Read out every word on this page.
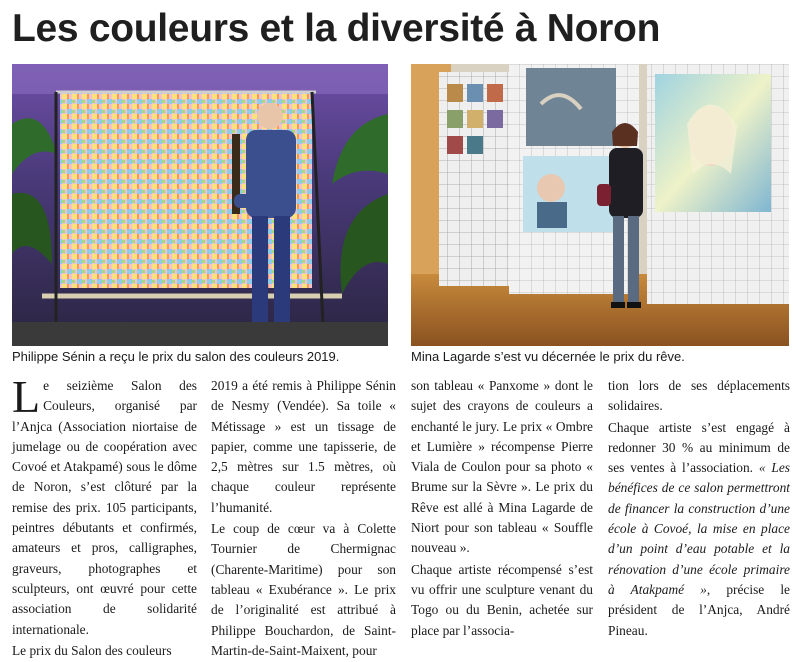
Les couleurs et la diversité à Noron
Philippe Sénin a reçu le prix du salon des couleurs 2019.	Mina Lagarde s’est vu décernée le prix du rêve.

Le seizième Salon des Couleurs, organisé par l’Anjca (Association niortaise de jumelage ou de coopération avec Covoé et Atakpamé) sous le dôme de Noron, s’est clôturé par la remise des prix. 105 participants, peintres débutants et confirmés, amateurs et pros, calligraphes, graveurs, photographes et sculpteurs, ont œuvré pour cette association de solidarité internationale.

Le prix du Salon des couleurs

2019 a été remis à Philippe Sénin de Nesmy (Vendée). Sa toile « Métissage » est un tissage de papier, comme une tapisserie, de 2,5 mètres sur 1.5 mètres, où chaque couleur représente l’humanité.

Le coup de cœur va à Colette Tournier de Chermignac (Charente-Maritime) pour son tableau « Exubérance ». Le prix de l’originalité est attribué à Philippe Bouchardon, de Saint-Martin-de-Saint-Maixent, pour

son tableau « Panxome » dont le sujet des crayons de couleurs a enchanté le jury. Le prix « Ombre et Lumière » récompense Pierre Viala de Coulon pour sa photo « Brume sur la Sèvre ». Le prix du Rêve est allé à Mina Lagarde de Niort pour son tableau « Souffle nouveau ».

Chaque artiste récompensé s’est vu offrir une sculpture venant du Togo ou du Benin, achetée sur place par l’associa-

tion lors de ses déplacements solidaires.

Chaque artiste s’est engagé à redonner 30 % au minimum de ses ventes à l’association. « Les bénéfices de ce salon permettront de financer la construction d’une école à Covoé, la mise en place d’un point d’eau potable et la rénovation d’une école primaire à Atakpamé », précise le président de l’Anjca, André Pineau.
